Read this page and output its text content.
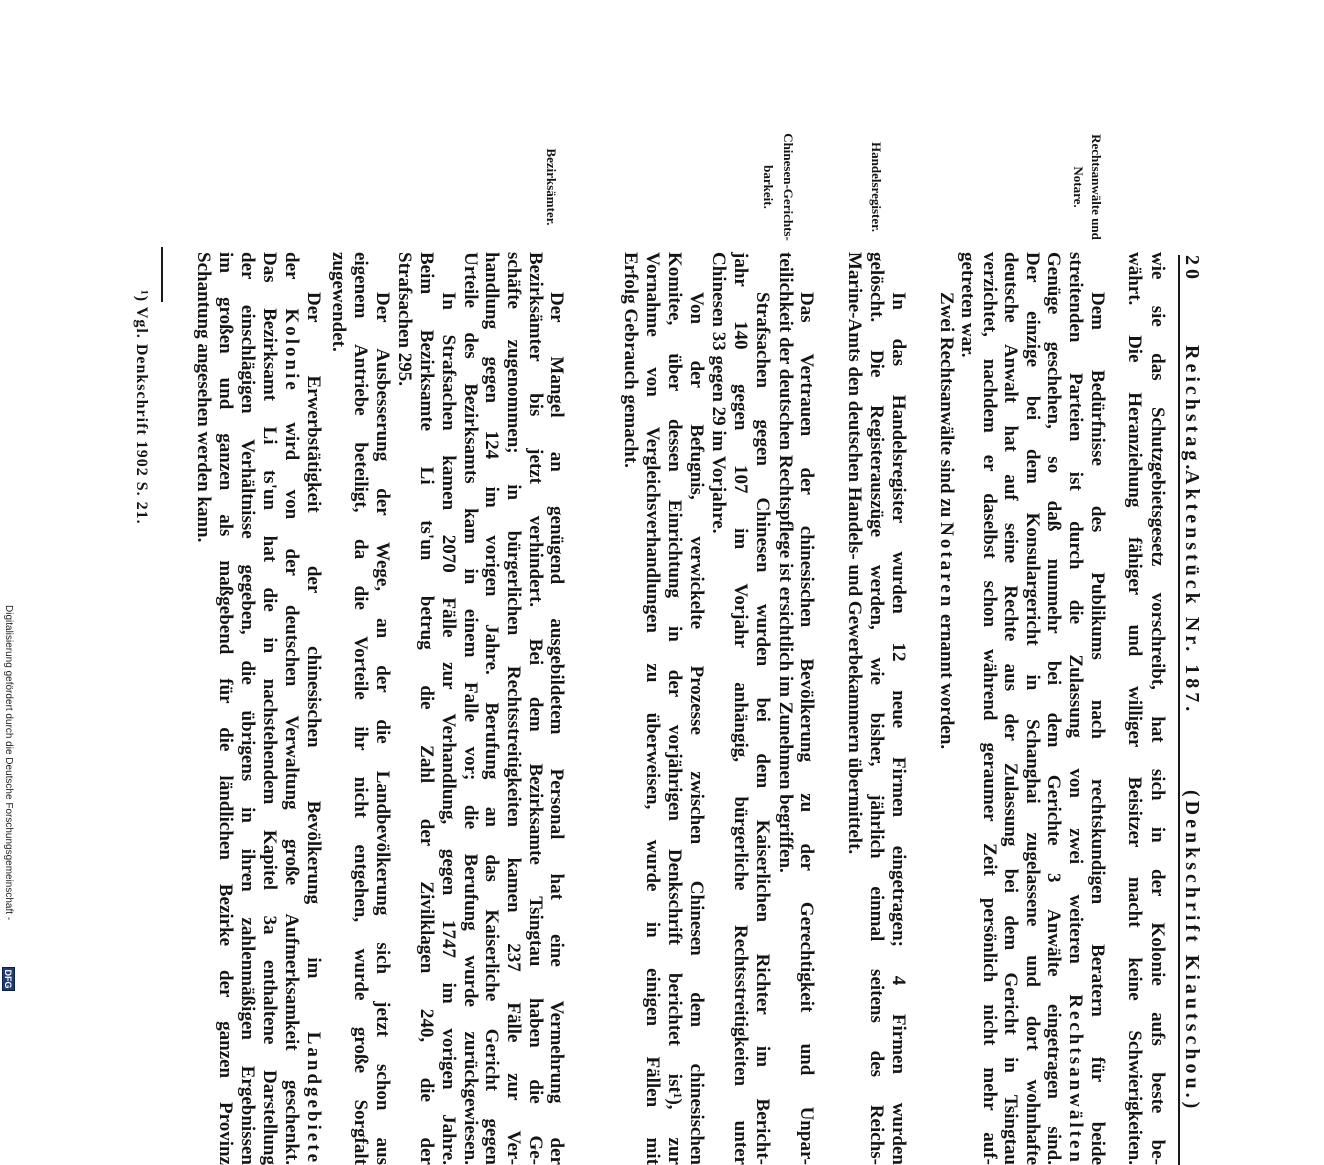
20
Reichstag.
Aktenstück Nr. 187.
(Denkschrift Kiautschou.)
Rechtsanwälte und
Notare.
Handelsregister.
Chinesen-Gerichts-
barkeit.
Bezirksämter.
wie sie das Schutzgebietsgesetz vorschreibt, hat sich in der Kolonie aufs beste be-
währt. Die Heranziehung fähiger und williger Beisitzer macht keine Schwierigkeiten.
Dem Bedürfnisse des Publikums nach rechtskundigen Beratern für beide
streitenden Parteien ist durch die Zulassung von zwei weiteren Rechtsanwälten
Genüge geschehen, so daß nunmehr bei dem Gerichte 3 Anwälte eingetragen sind.
Der einzige bei dem Konsulargericht in Schanghai zugelassene und dort wohnhafte
deutsche Anwalt hat auf seine Rechte aus der Zulassung bei dem Gericht in Tsingtau
verzichtet, nachdem er daselbst schon während geraumer Zeit persönlich nicht mehr auf-
getreten war.
Zwei Rechtsanwälte sind zu Notaren ernannt worden.
In das Handelsregister wurden 12 neue Firmen eingetragen; 4 Firmen wurden
gelöscht. Die Registerauszüge werden, wie bisher, jährlich einmal seitens des Reichs-
Marine-Amts den deutschen Handels- und Gewerbekammern übermittelt.
Das Vertrauen der chinesischen Bevölkerung zu der Gerechtigkeit und Unpar-
teilichkeit der deutschen Rechtspflege ist ersichtlich im Zunehmen begriffen.
Strafsachen gegen Chinesen wurden bei dem Kaiserlichen Richter im Bericht-
jahr 140 gegen 107 im Vorjahr anhängig, bürgerliche Rechtsstreitigkeiten unter
Chinesen 33 gegen 29 im Vorjahre.
Von der Befugnis, verwickelte Prozesse zwischen Chinesen dem chinesischen
Komitee, über dessen Einrichtung in der vorjährigen Denkschrift berichtet ist¹), zur
Vornahme von Vergleichsverhandlungen zu überweisen, wurde in einigen Fällen mit
Erfolg Gebrauch gemacht.
Der Mangel an genügend ausgebildetem Personal hat eine Vermehrung der
Bezirksämter bis jetzt verhindert. Bei dem Bezirksamte Tsingtau haben die Ge-
schäfte zugenommen; in bürgerlichen Rechtsstreitigkeiten kamen 237 Fälle zur Ver-
handlung gegen 124 im vorigen Jahre. Berufung an das Kaiserliche Gericht gegen
Urteile des Bezirksamts kam in einem Falle vor; die Berufung wurde zurückgewiesen.
In Strafsachen kamen 2070 Fälle zur Verhandlung, gegen 1747 im vorigen Jahre.
Beim Bezirksamte Li ts'un betrug die Zahl der Zivilklagen 240, die der
Strafsachen 295.
Der Ausbesserung der Wege, an der die Landbevölkerung sich jetzt schon aus
eigenem Antriebe beteiligt, da die Vorteile ihr nicht entgehen, wurde große Sorgfalt
zugewendet.
Der Erwerbstätigkeit der chinesischen Bevölkerung im Landgebiete
der Kolonie wird von der deutschen Verwaltung große Aufmerksamkeit geschenkt.
Das Bezirksamt Li ts'un hat die in nachstehendem Kapitel 3a enthaltene Darstellung
der einschlägigen Verhältnisse gegeben, die übrigens in ihren zahlenmäßigen Ergebnissen
im großen und ganzen als maßgebend für die ländlichen Bezirke der ganzen Provinz
Schantung angesehen werden kann.
¹) Vgl. Denkschrift 1902 S. 21.
Digitalisierung gefördert durch die Deutsche Forschungsgemeinschaft -
DFG
